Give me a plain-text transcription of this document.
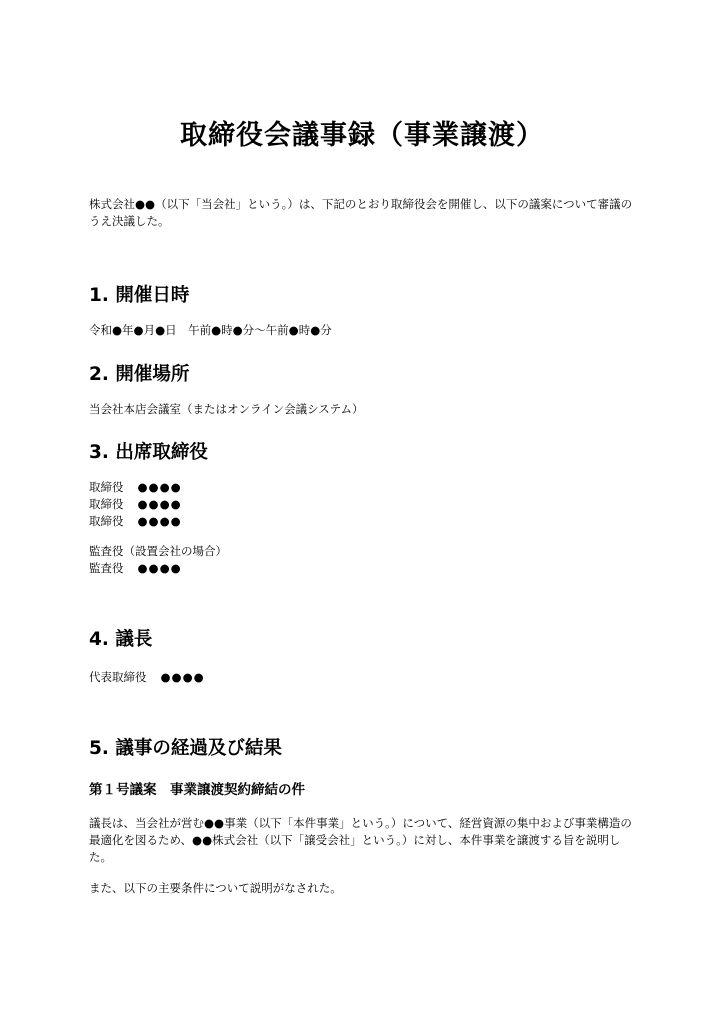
取締役会議事録（事業譲渡）
株式会社●●（以下「当会社」という。）は、下記のとおり取締役会を開催し、以下の議案について審議のうえ決議した。
1. 開催日時
令和●年●月●日　午前●時●分～午前●時●分
2. 開催場所
当会社本店会議室（またはオンライン会議システム）
3. 出席取締役
取締役 ●●●●
取締役 ●●●●
取締役 ●●●●
監査役（設置会社の場合）
監査役 ●●●●
4. 議長
代表取締役 ●●●●
5. 議事の経過及び結果
第１号議案　事業譲渡契約締結の件
議長は、当会社が営む●●事業（以下「本件事業」という。）について、経営資源の集中および事業構造の最適化を図るため、●●株式会社（以下「譲受会社」という。）に対し、本件事業を譲渡する旨を説明した。
また、以下の主要条件について説明がなされた。
